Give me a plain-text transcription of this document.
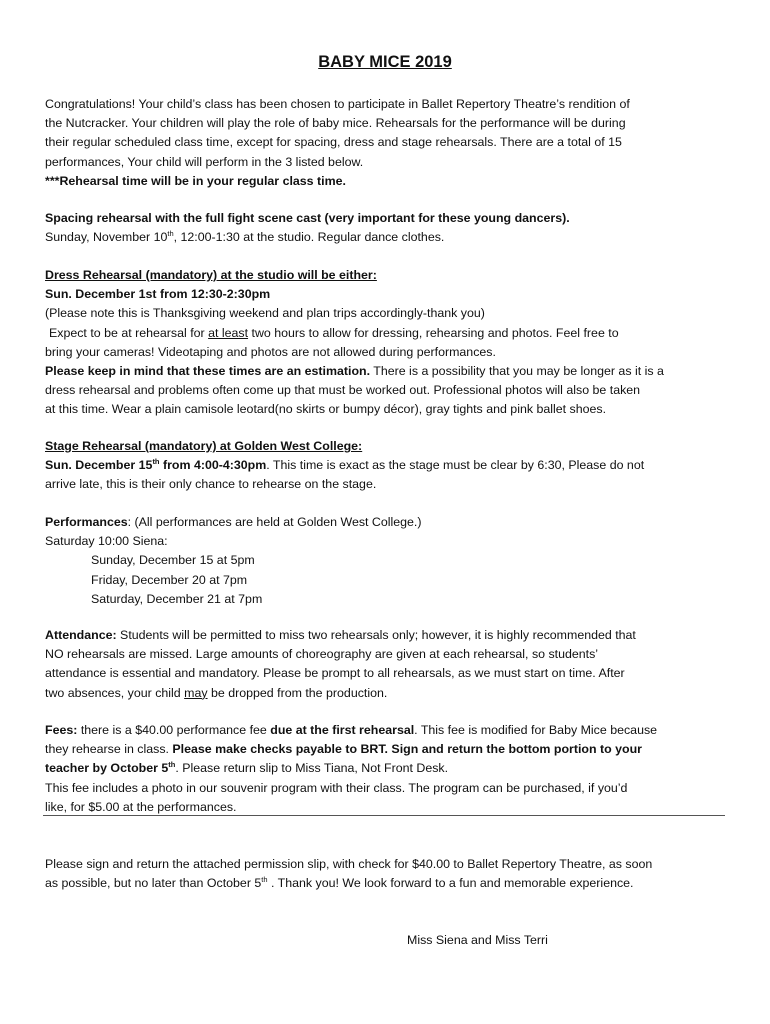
BABY MICE 2019
Congratulations! Your child’s class has been chosen to participate in Ballet Repertory Theatre’s rendition of
the Nutcracker. Your children will play the role of baby mice. Rehearsals for the performance will be during
their regular scheduled class time, except for spacing, dress and stage rehearsals. There are a total of 15
performances, Your child will perform in the 3 listed below.
***Rehearsal time will be in your regular class time.
Spacing rehearsal with the full fight scene cast (very important for these young dancers).
Sunday, November 10th, 12:00-1:30 at the studio. Regular dance clothes.
Dress Rehearsal (mandatory) at the studio will be either:
Sun. December 1st from 12:30-2:30pm
(Please note this is Thanksgiving weekend and plan trips accordingly-thank you)
Expect to be at rehearsal for at least two hours to allow for dressing, rehearsing and photos. Feel free to
bring your cameras! Videotaping and photos are not allowed during performances.
Please keep in mind that these times are an estimation. There is a possibility that you may be longer as it is a
dress rehearsal and problems often come up that must be worked out. Professional photos will also be taken
at this time. Wear a plain camisole leotard(no skirts or bumpy décor), gray tights and pink ballet shoes.
Stage Rehearsal (mandatory) at Golden West College:
Sun. December 15th from 4:00-4:30pm. This time is exact as the stage must be clear by 6:30, Please do not
arrive late, this is their only chance to rehearse on the stage.
Performances: (All performances are held at Golden West College.)
Saturday 10:00 Siena:
Sunday, December 15 at 5pm
Friday, December 20 at 7pm
Saturday, December 21 at 7pm
Attendance: Students will be permitted to miss two rehearsals only; however, it is highly recommended that
NO rehearsals are missed. Large amounts of choreography are given at each rehearsal, so students’
attendance is essential and mandatory. Please be prompt to all rehearsals, as we must start on time. After
two absences, your child may be dropped from the production.
Fees: there is a $40.00 performance fee due at the first rehearsal. This fee is modified for Baby Mice because
they rehearse in class. Please make checks payable to BRT. Sign and return the bottom portion to your
teacher by October 5th. Please return slip to Miss Tiana, Not Front Desk.
This fee includes a photo in our souvenir program with their class. The program can be purchased, if you’d
like, for $5.00 at the performances.
Please sign and return the attached permission slip, with check for $40.00 to Ballet Repertory Theatre, as soon
as possible, but no later than October 5th . Thank you! We look forward to a fun and memorable experience.
Miss Siena and Miss Terri
